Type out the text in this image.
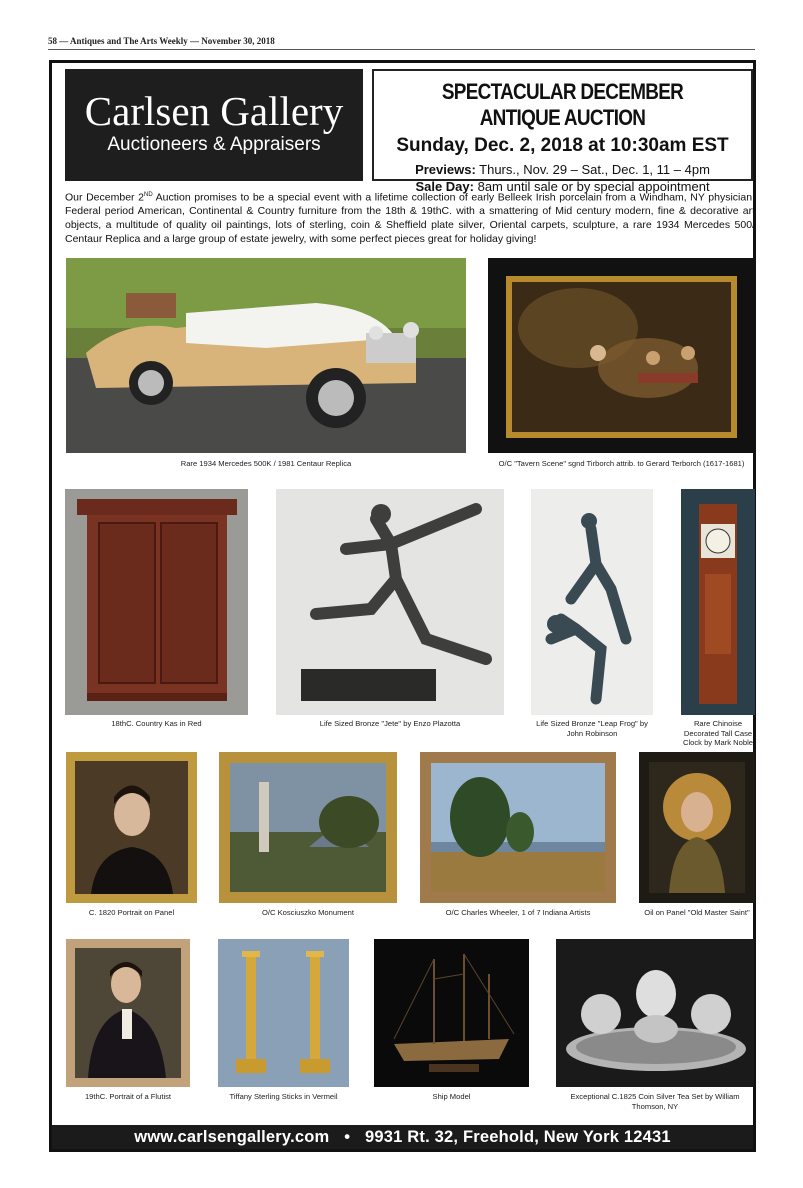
58 — Antiques and The Arts Weekly — November 30, 2018
Carlsen Gallery
Auctioneers & Appraisers
SPECTACULAR DECEMBER ANTIQUE AUCTION
Sunday, Dec. 2, 2018 at 10:30am EST
Previews: Thurs., Nov. 29 – Sat., Dec. 1, 11 – 4pm
Sale Day: 8am until sale or by special appointment
Our December 2ND Auction promises to be a special event with a lifetime collection of early Belleek Irish porcelain from a Windham, NY physician, Federal period American, Continental & Country furniture from the 18th & 19thC. with a smattering of Mid century modern, fine & decorative art objects, a multitude of quality oil paintings, lots of sterling, coin & Sheffield plate silver, Oriental carpets, sculpture, a rare 1934 Mercedes 500/ Centaur Replica and a large group of estate jewelry, with some perfect pieces great for holiday giving!
Rare 1934 Mercedes 500K / 1981 Centaur Replica	O/C "Tavern Scene" sgnd Tirborch attrib. to Gerard Terborch (1617-1681)
18thC. Country Kas in Red	Life Sized Bronze "Jete" by Enzo Plazotta	Life Sized Bronze "Leap Frog" by John Robinson
Rare Chinoise Decorated Tall Case Clock by Mark Noble
C. 1820 Portrait on Panel	O/C Kosciuszko Monument	O/C Charles Wheeler, 1 of 7 Indiana Artists	Oil on Panel "Old Master Saint"
19thC. Portrait of a Flutist	Tiffany Sterling Sticks in Vermeil	Ship Model	Exceptional C.1825 Coin Silver Tea Set by William Thomson, NY
www.carlsengallery.com • 9931 Rt. 32, Freehold, New York 12431
